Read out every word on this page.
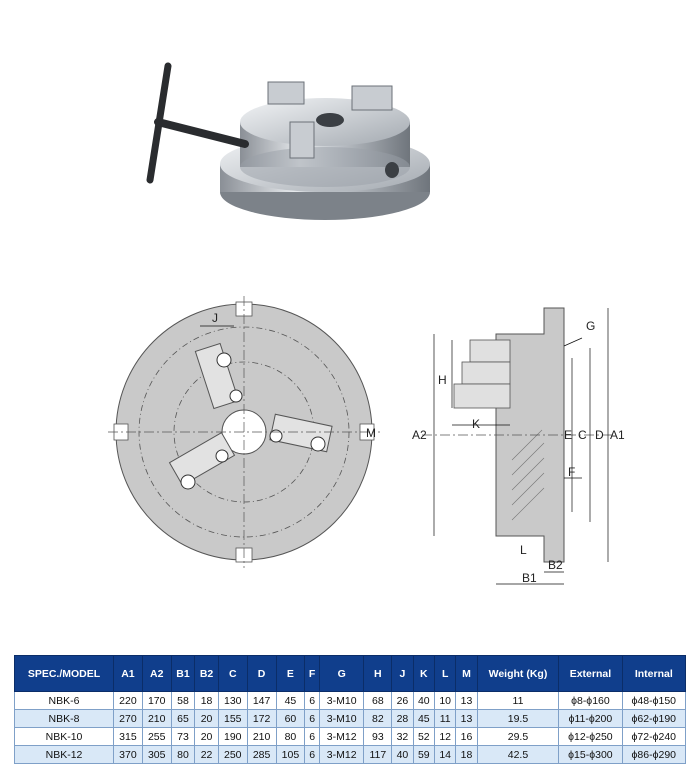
J
M	A2
H
K
E C D A1
G
F
L
B2
B1
SPEC./MODEL	A1	A2	B1	B2	C	D	E	F	G	H	J	K	L	M	Weight (Kg)	External	Internal
NBK-6	220	170	58	18	130	147	45	6	3-M10	68	26	40	10	13	11	ϕ8-ϕ160	ϕ48-ϕ150
NBK-8	270	210	65	20	155	172	60	6	3-M10	82	28	45	11	13	19.5	ϕ11-ϕ200	ϕ62-ϕ190
NBK-10	315	255	73	20	190	210	80	6	3-M12	93	32	52	12	16	29.5	ϕ12-ϕ250	ϕ72-ϕ240
NBK-12	370	305	80	22	250	285	105	6	3-M12	117	40	59	14	18	42.5	ϕ15-ϕ300	ϕ86-ϕ290
